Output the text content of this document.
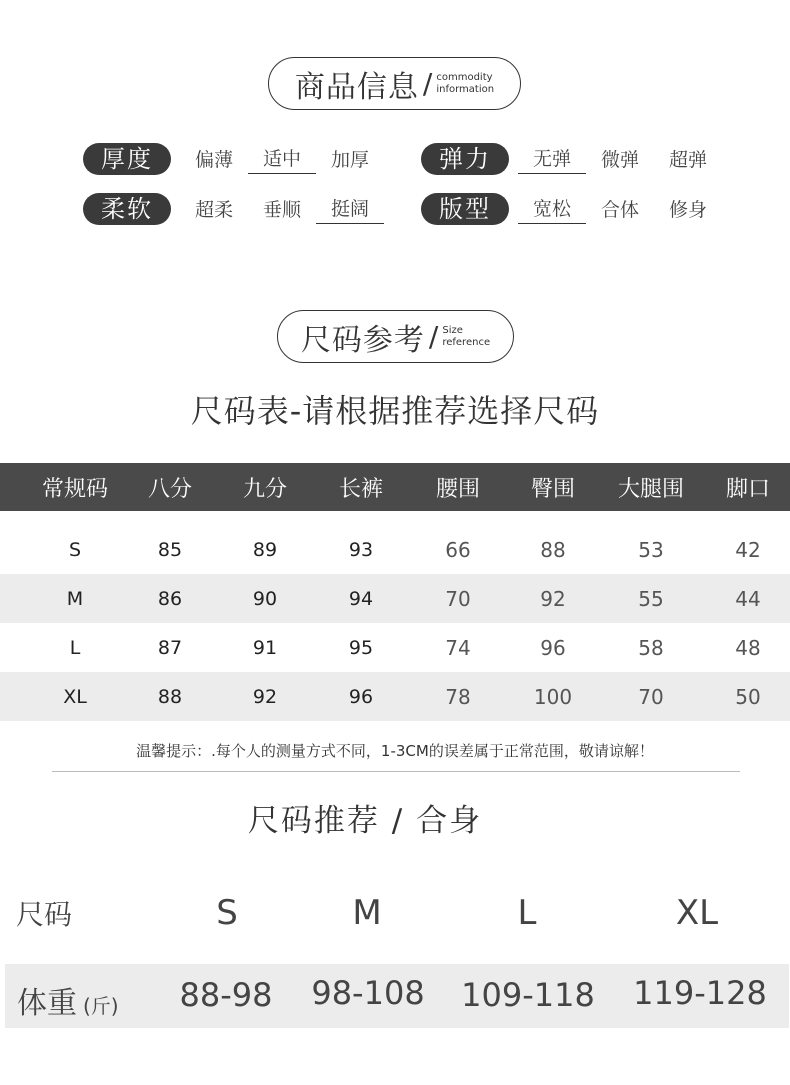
商品信息 / commodity
information
厚度	偏薄	适中	加厚	弹力	无弹	微弹	超弹
柔软	超柔	垂顺	挺阔	版型	宽松	合体	修身
尺码参考 / Size
reference
尺码表-请根据推荐选择尺码
常规码	八分	九分	长裤	腰围	臀围	大腿围	脚口
S	85	89	93	66	88	53	42
M	86	90	94	70	92	55	44
L	87	91	95	74	96	58	48
XL	88	92	96	78	100	70	50
温馨提示：.每个人的测量方式不同，1-3CM的误差属于正常范围，敬请谅解！
尺码推荐 / 合身
尺码	S	M	L	XL
体重 (斤)	88-98	98-108	109-118	119-128
